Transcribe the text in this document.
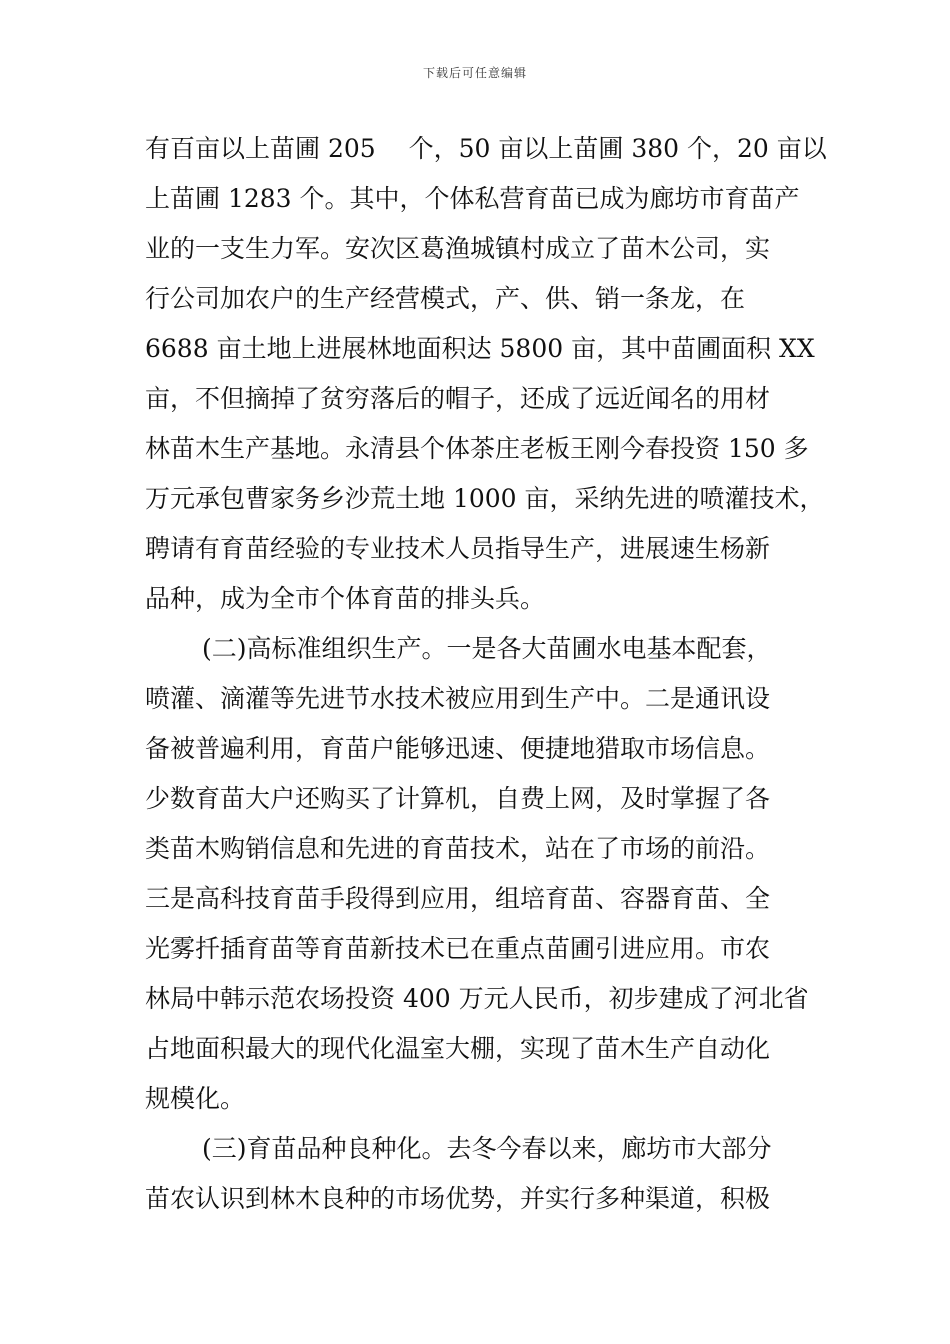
下载后可任意编辑
有百亩以上苗圃 205　 个，50 亩以上苗圃 380 个，20 亩以
上苗圃 1283 个。其中，个体私营育苗已成为廊坊市育苗产
业的一支生力军。安次区葛渔城镇村成立了苗木公司，实
行公司加农户的生产经营模式，产、供、销一条龙，在
6688 亩土地上进展林地面积达 5800 亩，其中苗圃面积 XX
亩，不但摘掉了贫穷落后的帽子，还成了远近闻名的用材
林苗木生产基地。永清县个体茶庄老板王刚今春投资 150 多
万元承包曹家务乡沙荒土地 1000 亩，采纳先进的喷灌技术，
聘请有育苗经验的专业技术人员指导生产，进展速生杨新
品种，成为全市个体育苗的排头兵。
(二)高标准组织生产。一是各大苗圃水电基本配套，
喷灌、滴灌等先进节水技术被应用到生产中。二是通讯设
备被普遍利用，育苗户能够迅速、便捷地猎取市场信息。
少数育苗大户还购买了计算机，自费上网，及时掌握了各
类苗木购销信息和先进的育苗技术，站在了市场的前沿。
三是高科技育苗手段得到应用，组培育苗、容器育苗、全
光雾扦插育苗等育苗新技术已在重点苗圃引进应用。市农
林局中韩示范农场投资 400 万元人民币，初步建成了河北省
占地面积最大的现代化温室大棚，实现了苗木生产自动化
规模化。
(三)育苗品种良种化。去冬今春以来，廊坊市大部分
苗农认识到林木良种的市场优势，并实行多种渠道，积极
